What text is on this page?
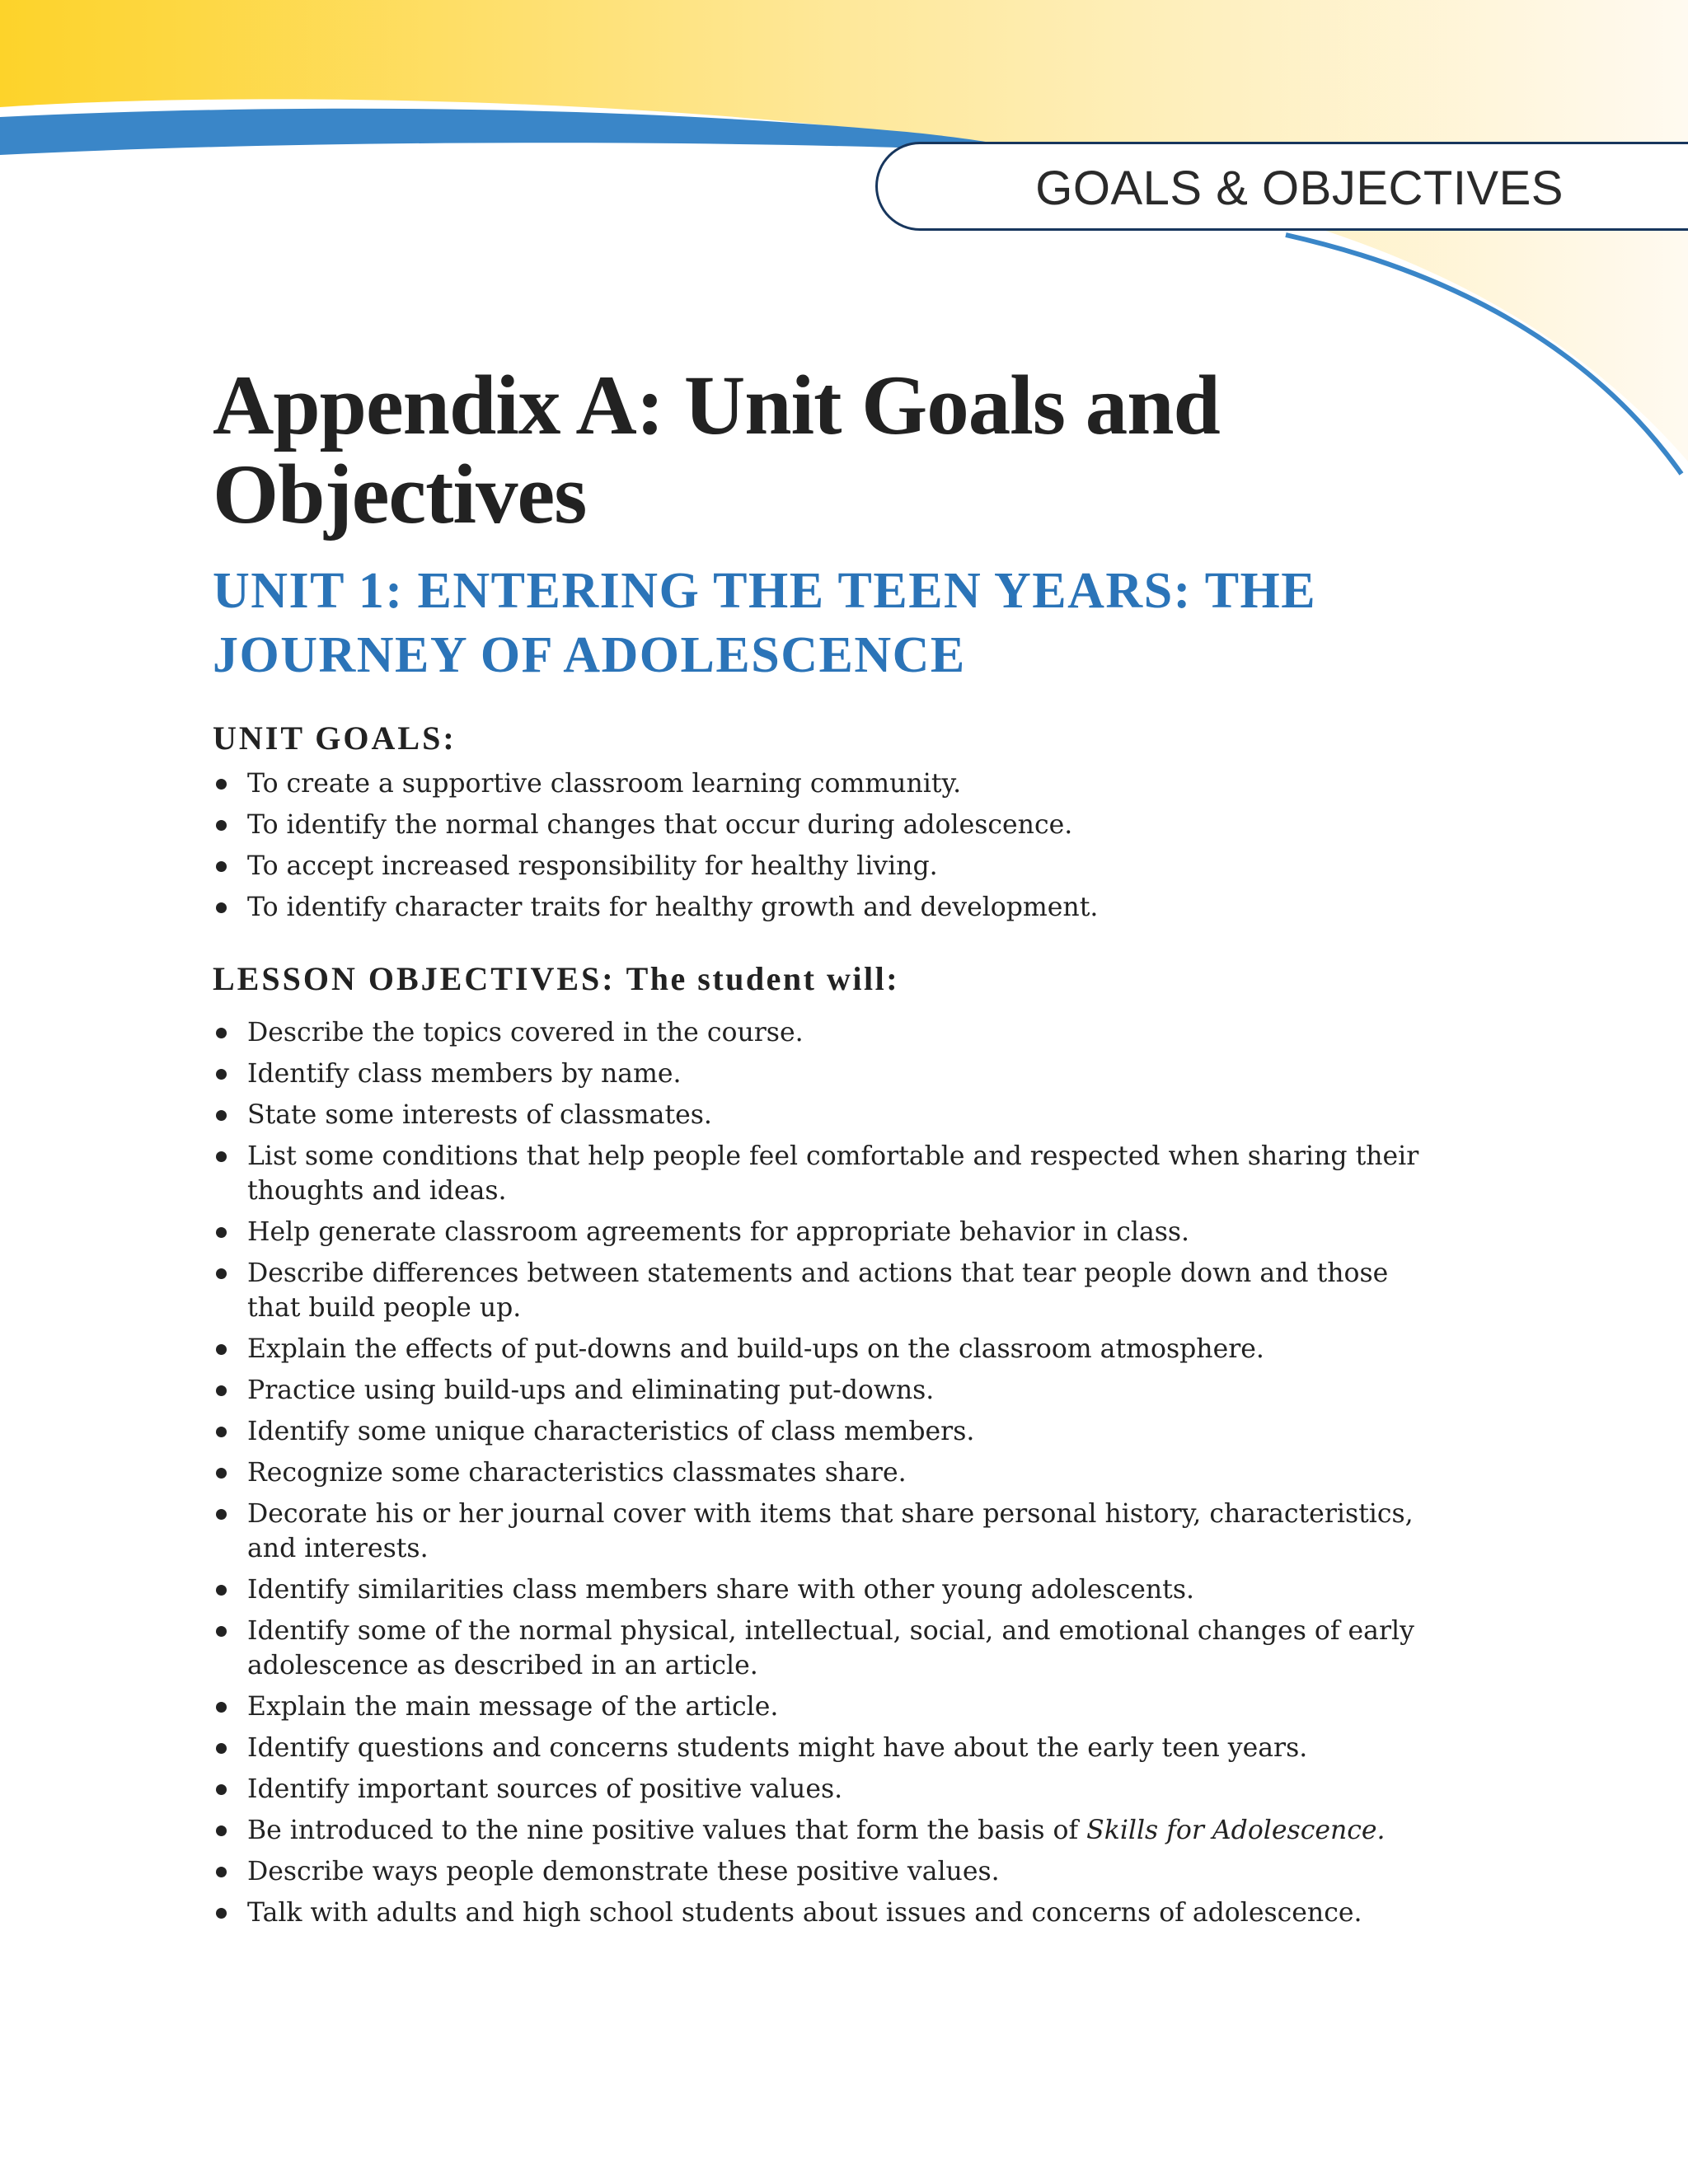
GOALS & OBJECTIVES
Appendix A: Unit Goals and Objectives
UNIT 1: ENTERING THE TEEN YEARS: THE JOURNEY OF ADOLESCENCE
UNIT GOALS:
To create a supportive classroom learning community.
To identify the normal changes that occur during adolescence.
To accept increased responsibility for healthy living.
To identify character traits for healthy growth and development.
LESSON OBJECTIVES: The student will:
Describe the topics covered in the course.
Identify class members by name.
State some interests of classmates.
List some conditions that help people feel comfortable and respected when sharing their thoughts and ideas.
Help generate classroom agreements for appropriate behavior in class.
Describe differences between statements and actions that tear people down and those that build people up.
Explain the effects of put-downs and build-ups on the classroom atmosphere.
Practice using build-ups and eliminating put-downs.
Identify some unique characteristics of class members.
Recognize some characteristics classmates share.
Decorate his or her journal cover with items that share personal history, characteristics, and interests.
Identify similarities class members share with other young adolescents.
Identify some of the normal physical, intellectual, social, and emotional changes of early adolescence as described in an article.
Explain the main message of the article.
Identify questions and concerns students might have about the early teen years.
Identify important sources of positive values.
Be introduced to the nine positive values that form the basis of Skills for Adolescence.
Describe ways people demonstrate these positive values.
Talk with adults and high school students about issues and concerns of adolescence.
